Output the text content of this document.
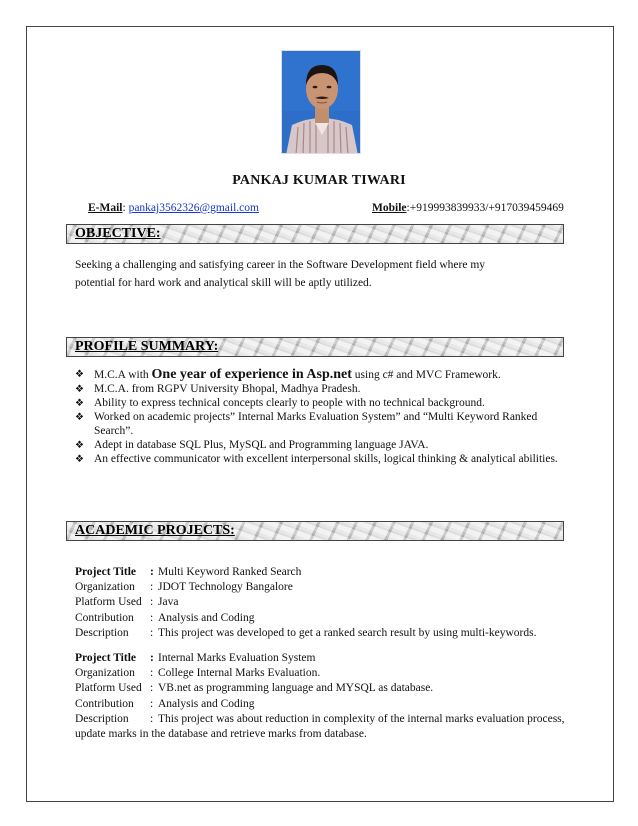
PANKAJ KUMAR TIWARI
E-Mail: pankaj3562326@gmail.com	Mobile:+919993839933/+917039459469
OBJECTIVE:
Seeking a challenging and satisfying career in the Software Development field where my
potential for hard work and analytical skill will be aptly utilized.
PROFILE SUMMARY:
❖ M.C.A with One year of experience in Asp.net using c# and MVC Framework.
❖ M.C.A. from RGPV University Bhopal, Madhya Pradesh.
❖ Ability to express technical concepts clearly to people with no technical background.
❖ Worked on academic projects” Internal Marks Evaluation System” and “Multi Keyword Ranked Search”.
❖ Adept in database SQL Plus, MySQL and Programming language JAVA.
❖ An effective communicator with excellent interpersonal skills, logical thinking & analytical abilities.
ACADEMIC PROJECTS:
Project Title	: Multi Keyword Ranked Search
Organization	: JDOT Technology Bangalore
Platform Used : Java
Contribution	: Analysis and Coding
Description	: This project was developed to get a ranked search result by using multi-keywords.
Project Title	: Internal Marks Evaluation System
Organization	: College Internal Marks Evaluation.
Platform Used : VB.net as programming language and MYSQL as database.
Contribution	: Analysis and Coding
Description	: This project was about reduction in complexity of the internal marks evaluation process,
update marks in the database and retrieve marks from database.
